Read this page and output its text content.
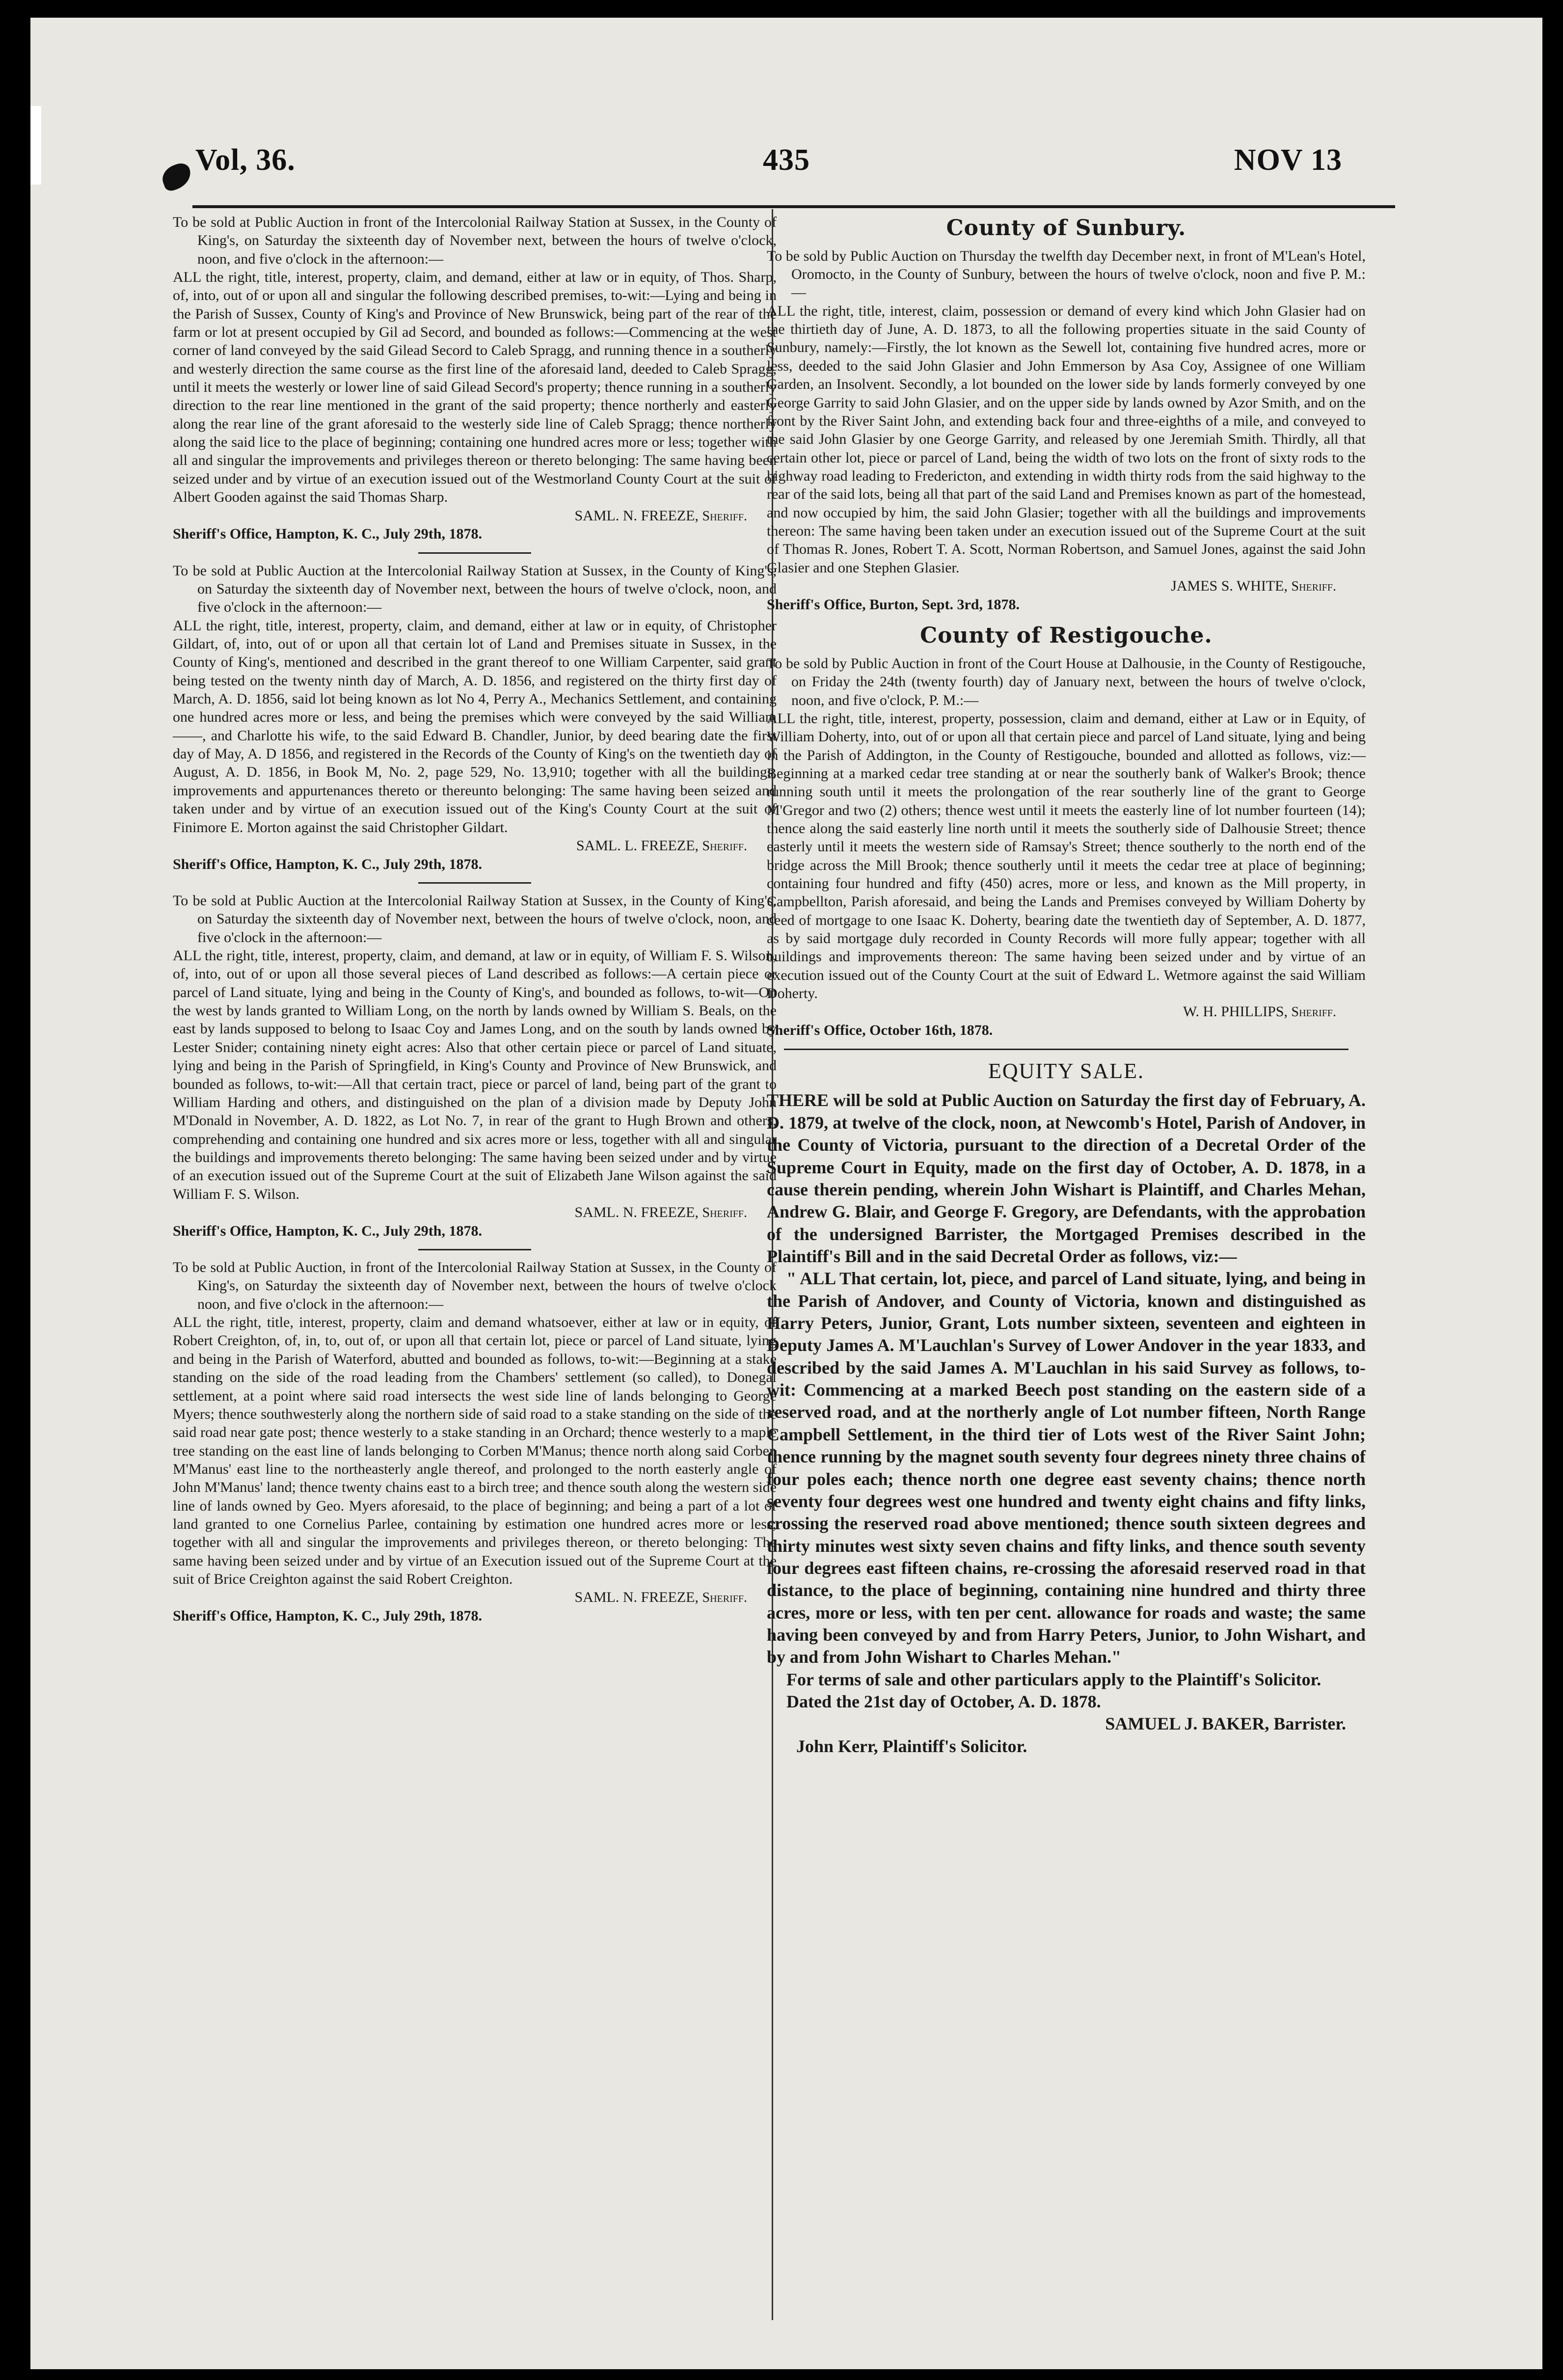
Vol, 36.	435	NOV 13

To be sold at Public Auction in front of the Intercolonial Railway Station at Sussex, in the County of King's, on Saturday the sixteenth day of November next, between the hours of twelve o'clock, noon, and five o'clock in the afternoon:—

ALL the right, title, interest, property, claim, and demand, either at law or in equity, of Thos. Sharp, of, into, out of or upon all and singular the following described premises, to-wit:—Lying and being in the Parish of Sussex, County of King's and Province of New Brunswick, being part of the rear of the farm or lot at present occupied by Gil ad Secord, and bounded as follows:—Commencing at the west corner of land conveyed by the said Gilead Secord to Caleb Spragg, and running thence in a southerly and westerly direction the same course as the first line of the aforesaid land, deeded to Caleb Spragg, until it meets the westerly or lower line of said Gilead Secord's property; thence running in a southerly direction to the rear line mentioned in the grant of the said property; thence northerly and easterly along the rear line of the grant aforesaid to the westerly side line of Caleb Spragg; thence northerly along the said lice to the place of beginning; containing one hundred acres more or less; together with all and singular the improvements and privileges thereon or thereto belonging: The same having been seized under and by virtue of an execution issued out of the Westmorland County Court at the suit of Albert Gooden against the said Thomas Sharp.

SAML. N. FREEZE, Sheriff.
Sheriff's Office, Hampton, K. C., July 29th, 1878.

To be sold at Public Auction at the Intercolonial Railway Station at Sussex, in the County of King's, on Saturday the sixteenth day of November next, between the hours of twelve o'clock, noon, and five o'clock in the afternoon:—

ALL the right, title, interest, property, claim, and demand, either at law or in equity, of Christopher Gildart, of, into, out of or upon all that certain lot of Land and Premises situate in Sussex, in the County of King's, mentioned and described in the grant thereof to one William Carpenter, said grant being tested on the twenty ninth day of March, A. D. 1856, and registered on the thirty first day of March, A. D. 1856, said lot being known as lot No 4, Perry A., Mechanics Settlement, and containing one hundred acres more or less, and being the premises which were conveyed by the said William ——, and Charlotte his wife, to the said Edward B. Chandler, Junior, by deed bearing date the first day of May, A. D 1856, and registered in the Records of the County of King's on the twentieth day of August, A. D. 1856, in Book M, No. 2, page 529, No. 13,910; together with all the buildings, improvements and appurtenances thereto or thereunto belonging: The same having been seized and taken under and by virtue of an execution issued out of the King's County Court at the suit of Finimore E. Morton against the said Christopher Gildart.

SAML. L. FREEZE, Sheriff.
Sheriff's Office, Hampton, K. C., July 29th, 1878.

To be sold at Public Auction at the Intercolonial Railway Station at Sussex, in the County of King's, on Saturday the sixteenth day of November next, between the hours of twelve o'clock, noon, and five o'clock in the afternoon:—

ALL the right, title, interest, property, claim, and demand, at law or in equity, of William F. S. Wilson, of, into, out of or upon all those several pieces of Land described as follows:—A certain piece or parcel of Land situate, lying and being in the County of King's, and bounded as follows, to-wit—On the west by lands granted to William Long, on the north by lands owned by William S. Beals, on the east by lands supposed to belong to Isaac Coy and James Long, and on the south by lands owned by Lester Snider; containing ninety eight acres: Also that other certain piece or parcel of Land situate, lying and being in the Parish of Springfield, in King's County and Province of New Brunswick, and bounded as follows, to-wit:—All that certain tract, piece or parcel of land, being part of the grant to William Harding and others, and distinguished on the plan of a division made by Deputy John M'Donald in November, A. D. 1822, as Lot No. 7, in rear of the grant to Hugh Brown and others, comprehending and containing one hundred and six acres more or less, together with all and singular the buildings and improvements thereto belonging: The same having been seized under and by virtue of an execution issued out of the Supreme Court at the suit of Elizabeth Jane Wilson against the said William F. S. Wilson.

SAML. N. FREEZE, Sheriff.
Sheriff's Office, Hampton, K. C., July 29th, 1878.

To be sold at Public Auction, in front of the Intercolonial Railway Station at Sussex, in the County of King's, on Saturday the sixteenth day of November next, between the hours of twelve o'clock noon, and five o'clock in the afternoon:—

ALL the right, title, interest, property, claim and demand whatsoever, either at law or in equity, of Robert Creighton, of, in, to, out of, or upon all that certain lot, piece or parcel of Land situate, lying and being in the Parish of Waterford, abutted and bounded as follows, to-wit:—Beginning at a stake standing on the side of the road leading from the Chambers' settlement (so called), to Donegal settlement, at a point where said road intersects the west side line of lands belonging to George Myers; thence southwesterly along the northern side of said road to a stake standing on the side of the said road near gate post; thence westerly to a stake standing in an Orchard; thence westerly to a maple tree standing on the east line of lands belonging to Corben M'Manus; thence north along said Corben M'Manus' east line to the northeasterly angle thereof, and prolonged to the north easterly angle of John M'Manus' land; thence twenty chains east to a birch tree; and thence south along the western side line of lands owned by Geo. Myers aforesaid, to the place of beginning; and being a part of a lot of land granted to one Cornelius Parlee, containing by estimation one hundred acres more or less; together with all and singular the improvements and privileges thereon, or thereto belonging: The same having been seized under and by virtue of an Execution issued out of the Supreme Court at the suit of Brice Creighton against the said Robert Creighton.

SAML. N. FREEZE, Sheriff.
Sheriff's Office, Hampton, K. C., July 29th, 1878.
County of Sunbury.

To be sold by Public Auction on Thursday the twelfth day December next, in front of M'Lean's Hotel, Oromocto, in the County of Sunbury, between the hours of twelve o'clock, noon and five P. M.:—

ALL the right, title, interest, claim, possession or demand of every kind which John Glasier had on the thirtieth day of June, A. D. 1873, to all the following properties situate in the said County of Sunbury, namely:—Firstly, the lot known as the Sewell lot, containing five hundred acres, more or less, deeded to the said John Glasier and John Emmerson by Asa Coy, Assignee of one William Garden, an Insolvent. Secondly, a lot bounded on the lower side by lands formerly conveyed by one George Garrity to said John Glasier, and on the upper side by lands owned by Azor Smith, and on the front by the River Saint John, and extending back four and three-eighths of a mile, and conveyed to the said John Glasier by one George Garrity, and released by one Jeremiah Smith. Thirdly, all that certain other lot, piece or parcel of Land, being the width of two lots on the front of sixty rods to the highway road leading to Fredericton, and extending in width thirty rods from the said highway to the rear of the said lots, being all that part of the said Land and Premises known as part of the homestead, and now occupied by him, the said John Glasier; together with all the buildings and improvements thereon: The same having been taken under an execution issued out of the Supreme Court at the suit of Thomas R. Jones, Robert T. A. Scott, Norman Robertson, and Samuel Jones, against the said John Glasier and one Stephen Glasier.

JAMES S. WHITE, Sheriff.
Sheriff's Office, Burton, Sept. 3rd, 1878.
County of Restigouche.

To be sold by Public Auction in front of the Court House at Dalhousie, in the County of Restigouche, on Friday the 24th (twenty fourth) day of January next, between the hours of twelve o'clock, noon, and five o'clock, P. M.:—

ALL the right, title, interest, property, possession, claim and demand, either at Law or in Equity, of William Doherty, into, out of or upon all that certain piece and parcel of Land situate, lying and being in the Parish of Addington, in the County of Restigouche, bounded and allotted as follows, viz:—Beginning at a marked cedar tree standing at or near the southerly bank of Walker's Brook; thence running south until it meets the prolongation of the rear southerly line of the grant to George M'Gregor and two (2) others; thence west until it meets the easterly line of lot number fourteen (14); thence along the said easterly line north until it meets the southerly side of Dalhousie Street; thence easterly until it meets the western side of Ramsay's Street; thence southerly to the north end of the bridge across the Mill Brook; thence southerly until it meets the cedar tree at place of beginning; containing four hundred and fifty (450) acres, more or less, and known as the Mill property, in Campbellton, Parish aforesaid, and being the Lands and Premises conveyed by William Doherty by deed of mortgage to one Isaac K. Doherty, bearing date the twentieth day of September, A. D. 1877, as by said mortgage duly recorded in County Records will more fully appear; together with all buildings and improvements thereon: The same having been seized under and by virtue of an execution issued out of the County Court at the suit of Edward L. Wetmore against the said William Doherty.

W. H. PHILLIPS, Sheriff.
Sheriff's Office, October 16th, 1878.
EQUITY SALE.

THERE will be sold at Public Auction on Saturday the first day of February, A. D. 1879, at twelve of the clock, noon, at Newcomb's Hotel, Parish of Andover, in the County of Victoria, pursuant to the direction of a Decretal Order of the Supreme Court in Equity, made on the first day of October, A. D. 1878, in a cause therein pending, wherein John Wishart is Plaintiff, and Charles Mehan, Andrew G. Blair, and George F. Gregory, are Defendants, with the approbation of the undersigned Barrister, the Mortgaged Premises described in the Plaintiff's Bill and in the said Decretal Order as follows, viz:—

" ALL That certain, lot, piece, and parcel of Land situate, lying, and being in the Parish of Andover, and County of Victoria, known and distinguished as Harry Peters, Junior, Grant, Lots number sixteen, seventeen and eighteen in Deputy James A. M'Lauchlan's Survey of Lower Andover in the year 1833, and described by the said James A. M'Lauchlan in his said Survey as follows, to-wit: Commencing at a marked Beech post standing on the eastern side of a reserved road, and at the northerly angle of Lot number fifteen, North Range Campbell Settlement, in the third tier of Lots west of the River Saint John; thence running by the magnet south seventy four degrees ninety three chains of four poles each; thence north one degree east seventy chains; thence north seventy four degrees west one hundred and twenty eight chains and fifty links, crossing the reserved road above mentioned; thence south sixteen degrees and thirty minutes west sixty seven chains and fifty links, and thence south seventy four degrees east fifteen chains, re-crossing the aforesaid reserved road in that distance, to the place of beginning, containing nine hundred and thirty three acres, more or less, with ten per cent. allowance for roads and waste; the same having been conveyed by and from Harry Peters, Junior, to John Wishart, and by and from John Wishart to Charles Mehan."

For terms of sale and other particulars apply to the Plaintiff's Solicitor.

Dated the 21st day of October, A. D. 1878.

SAMUEL J. BAKER, Barrister.

John Kerr, Plaintiff's Solicitor.
